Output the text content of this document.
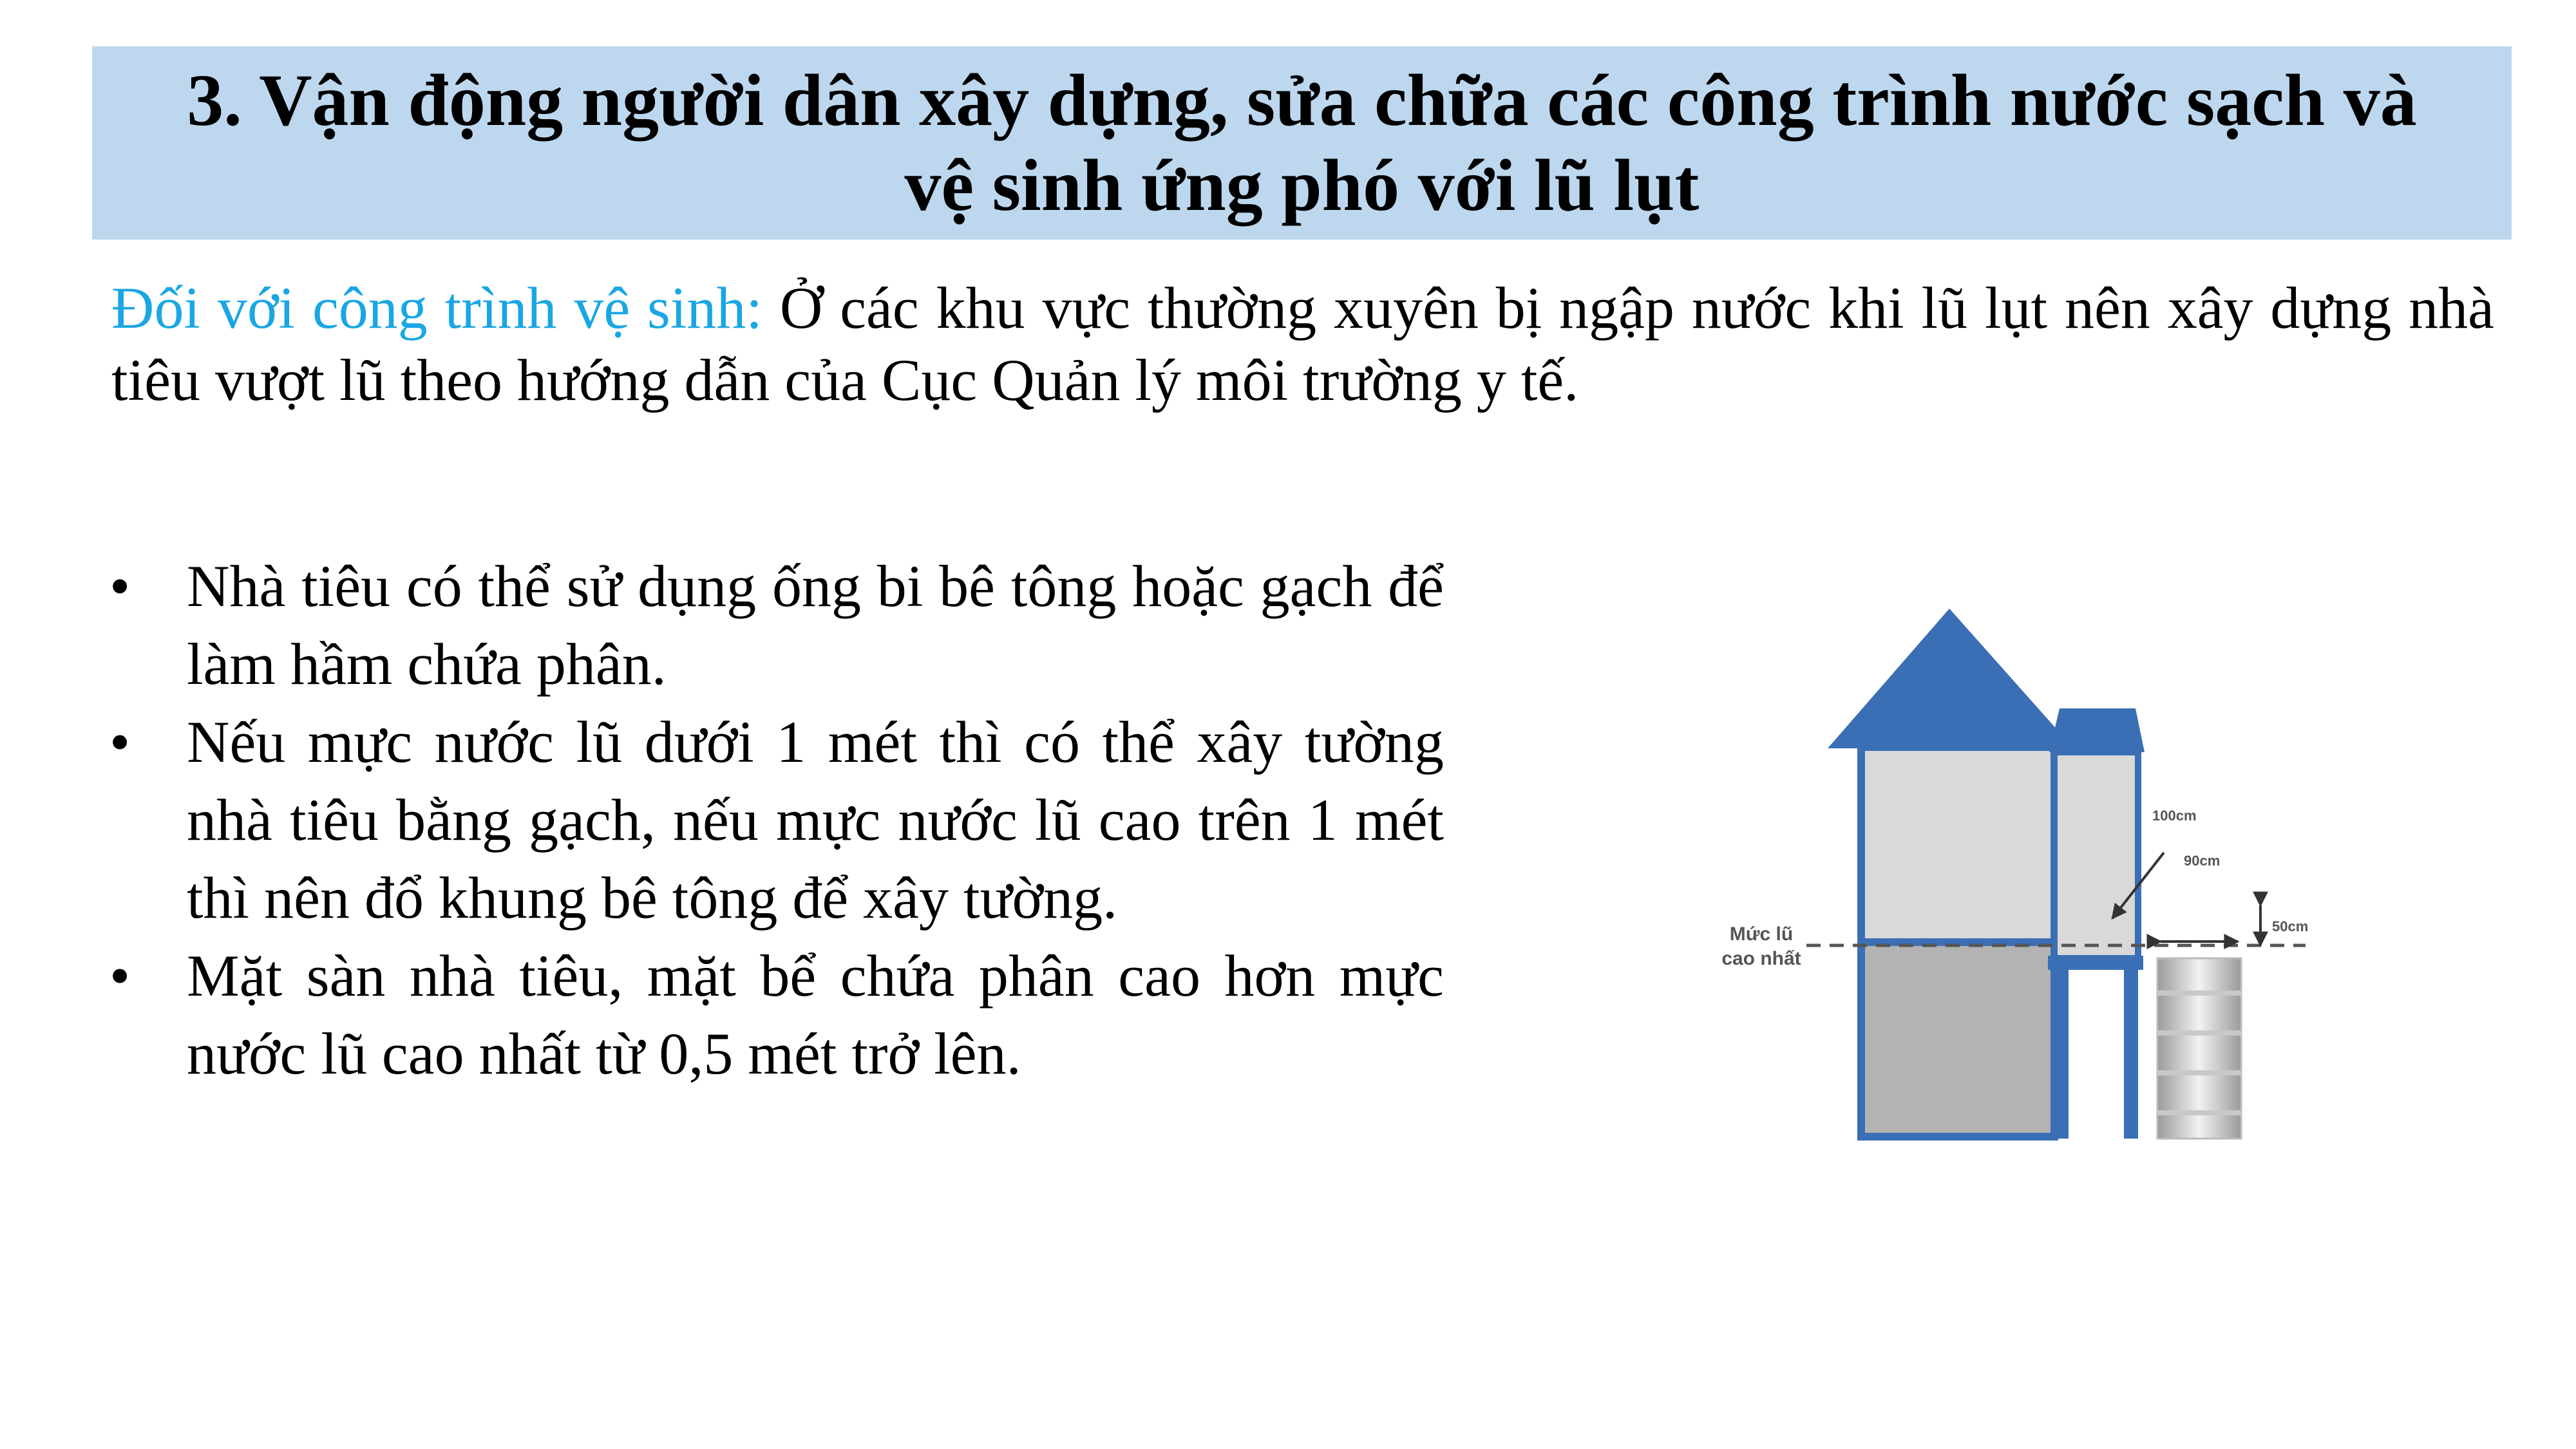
3. Vận động người dân xây dựng, sửa chữa các công trình nước sạch và
vệ sinh ứng phó với lũ lụt
Đối với công trình vệ sinh: Ở các khu vực thường xuyên bị ngập nước khi lũ lụt nên xây dựng nhà tiêu vượt lũ theo hướng dẫn của Cục Quản lý môi trường y tế.
• Nhà tiêu có thể sử dụng ống bi bê tông hoặc gạch để làm hầm chứa phân.
• Nếu mực nước lũ dưới 1 mét thì có thể xây tường nhà tiêu bằng gạch, nếu mực nước lũ cao trên 1 mét thì nên đổ khung bê tông để xây tường.
• Mặt sàn nhà tiêu, mặt bể chứa phân cao hơn mực nước lũ cao nhất từ 0,5 mét trở lên.
Mức lũ
cao nhất
100cm
90cm
50cm
